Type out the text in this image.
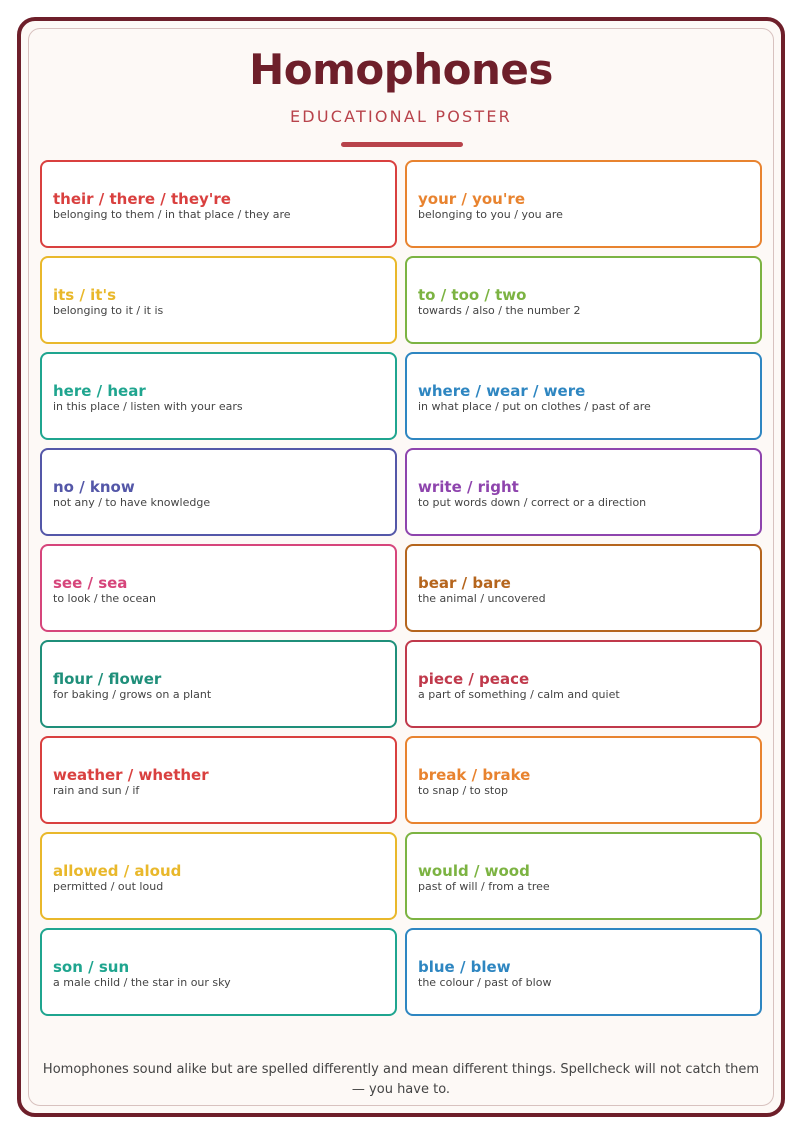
Homophones
EDUCATIONAL POSTER
their / there / they're
belonging to them / in that place / they are
your / you're
belonging to you / you are
its / it's
belonging to it / it is
to / too / two
towards / also / the number 2
here / hear
in this place / listen with your ears
where / wear / were
in what place / put on clothes / past of are
no / know
not any / to have knowledge
write / right
to put words down / correct or a direction
see / sea
to look / the ocean
bear / bare
the animal / uncovered
flour / flower
for baking / grows on a plant
piece / peace
a part of something / calm and quiet
weather / whether
rain and sun / if
break / brake
to snap / to stop
allowed / aloud
permitted / out loud
would / wood
past of will / from a tree
son / sun
a male child / the star in our sky
blue / blew
the colour / past of blow
Homophones sound alike but are spelled differently and mean different things. Spellcheck will not catch them — you have to.
